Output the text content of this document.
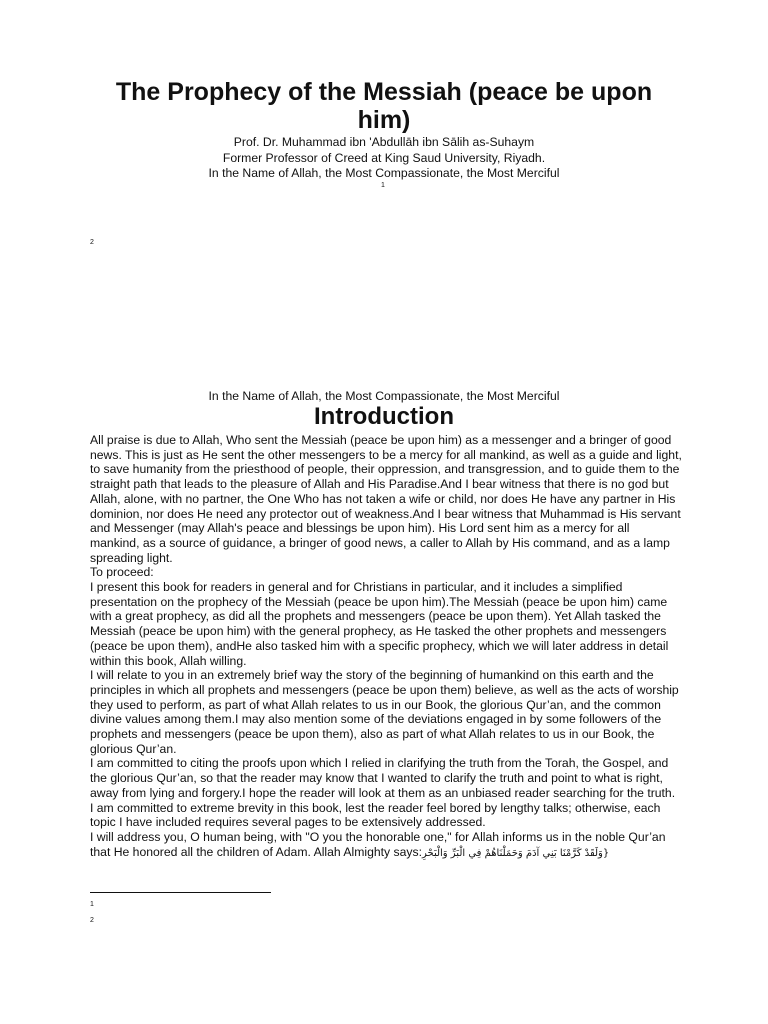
The Prophecy of the Messiah (peace be upon him)

Prof. Dr. Muhammad ibn 'Abdullāh ibn Sālih as-Suhaym

Former Professor of Creed at King Saud University, Riyadh.

In the Name of Allah, the Most Compassionate, the Most Merciful

1
2

In the Name of Allah, the Most Compassionate, the Most Merciful

Introduction

All praise is due to Allah, Who sent the Messiah (peace be upon him) as a messenger and a bringer of good news. This is just as He sent the other messengers to be a mercy for all mankind, as well as a guide and light, to save humanity from the priesthood of people, their oppression, and transgression, and to guide them to the straight path that leads to the pleasure of Allah and His Paradise.And I bear witness that there is no god but Allah, alone, with no partner, the One Who has not taken a wife or child, nor does He have any partner in His dominion, nor does He need any protector out of weakness.And I bear witness that Muhammad is His servant and Messenger (may Allah's peace and blessings be upon him). His Lord sent him as a mercy for all mankind, as a source of guidance, a bringer of good news, a caller to Allah by His command, and as a lamp spreading light.

To proceed:

I present this book for readers in general and for Christians in particular, and it includes a simplified presentation on the prophecy of the Messiah (peace be upon him).The Messiah (peace be upon him) came with a great prophecy, as did all the prophets and messengers (peace be upon them). Yet Allah tasked the Messiah (peace be upon him) with the general prophecy, as He tasked the other prophets and messengers (peace be upon them), andHe also tasked him with a specific prophecy, which we will later address in detail within this book, Allah willing.

I will relate to you in an extremely brief way the story of the beginning of humankind on this earth and the principles in which all prophets and messengers (peace be upon them) believe, as well as the acts of worship they used to perform, as part of what Allah relates to us in our Book, the glorious Qur’an, and the common divine values among them.I may also mention some of the deviations engaged in by some followers of the prophets and messengers (peace be upon them), also as part of what Allah relates to us in our Book, the glorious Qur’an.

I am committed to citing the proofs upon which I relied in clarifying the truth from the Torah, the Gospel, and the glorious Qur’an, so that the reader may know that I wanted to clarify the truth and point to what is right, away from lying and forgery.I hope the reader will look at them as an unbiased reader searching for the truth.

I am committed to extreme brevity in this book, lest the reader feel bored by lengthy talks; otherwise, each topic I have included requires several pages to be extensively addressed.

I will address you, O human being, with "O you the honorable one," for Allah informs us in the noble Qur’an that He honored all the children of Adam. Allah Almighty says:{وَلَقَدْ كَرَّمْنَا بَنِي آدَمَ وَحَمَلْنَاهُمْ فِي الْبَرِّ وَالْبَحْرِ

1
2
